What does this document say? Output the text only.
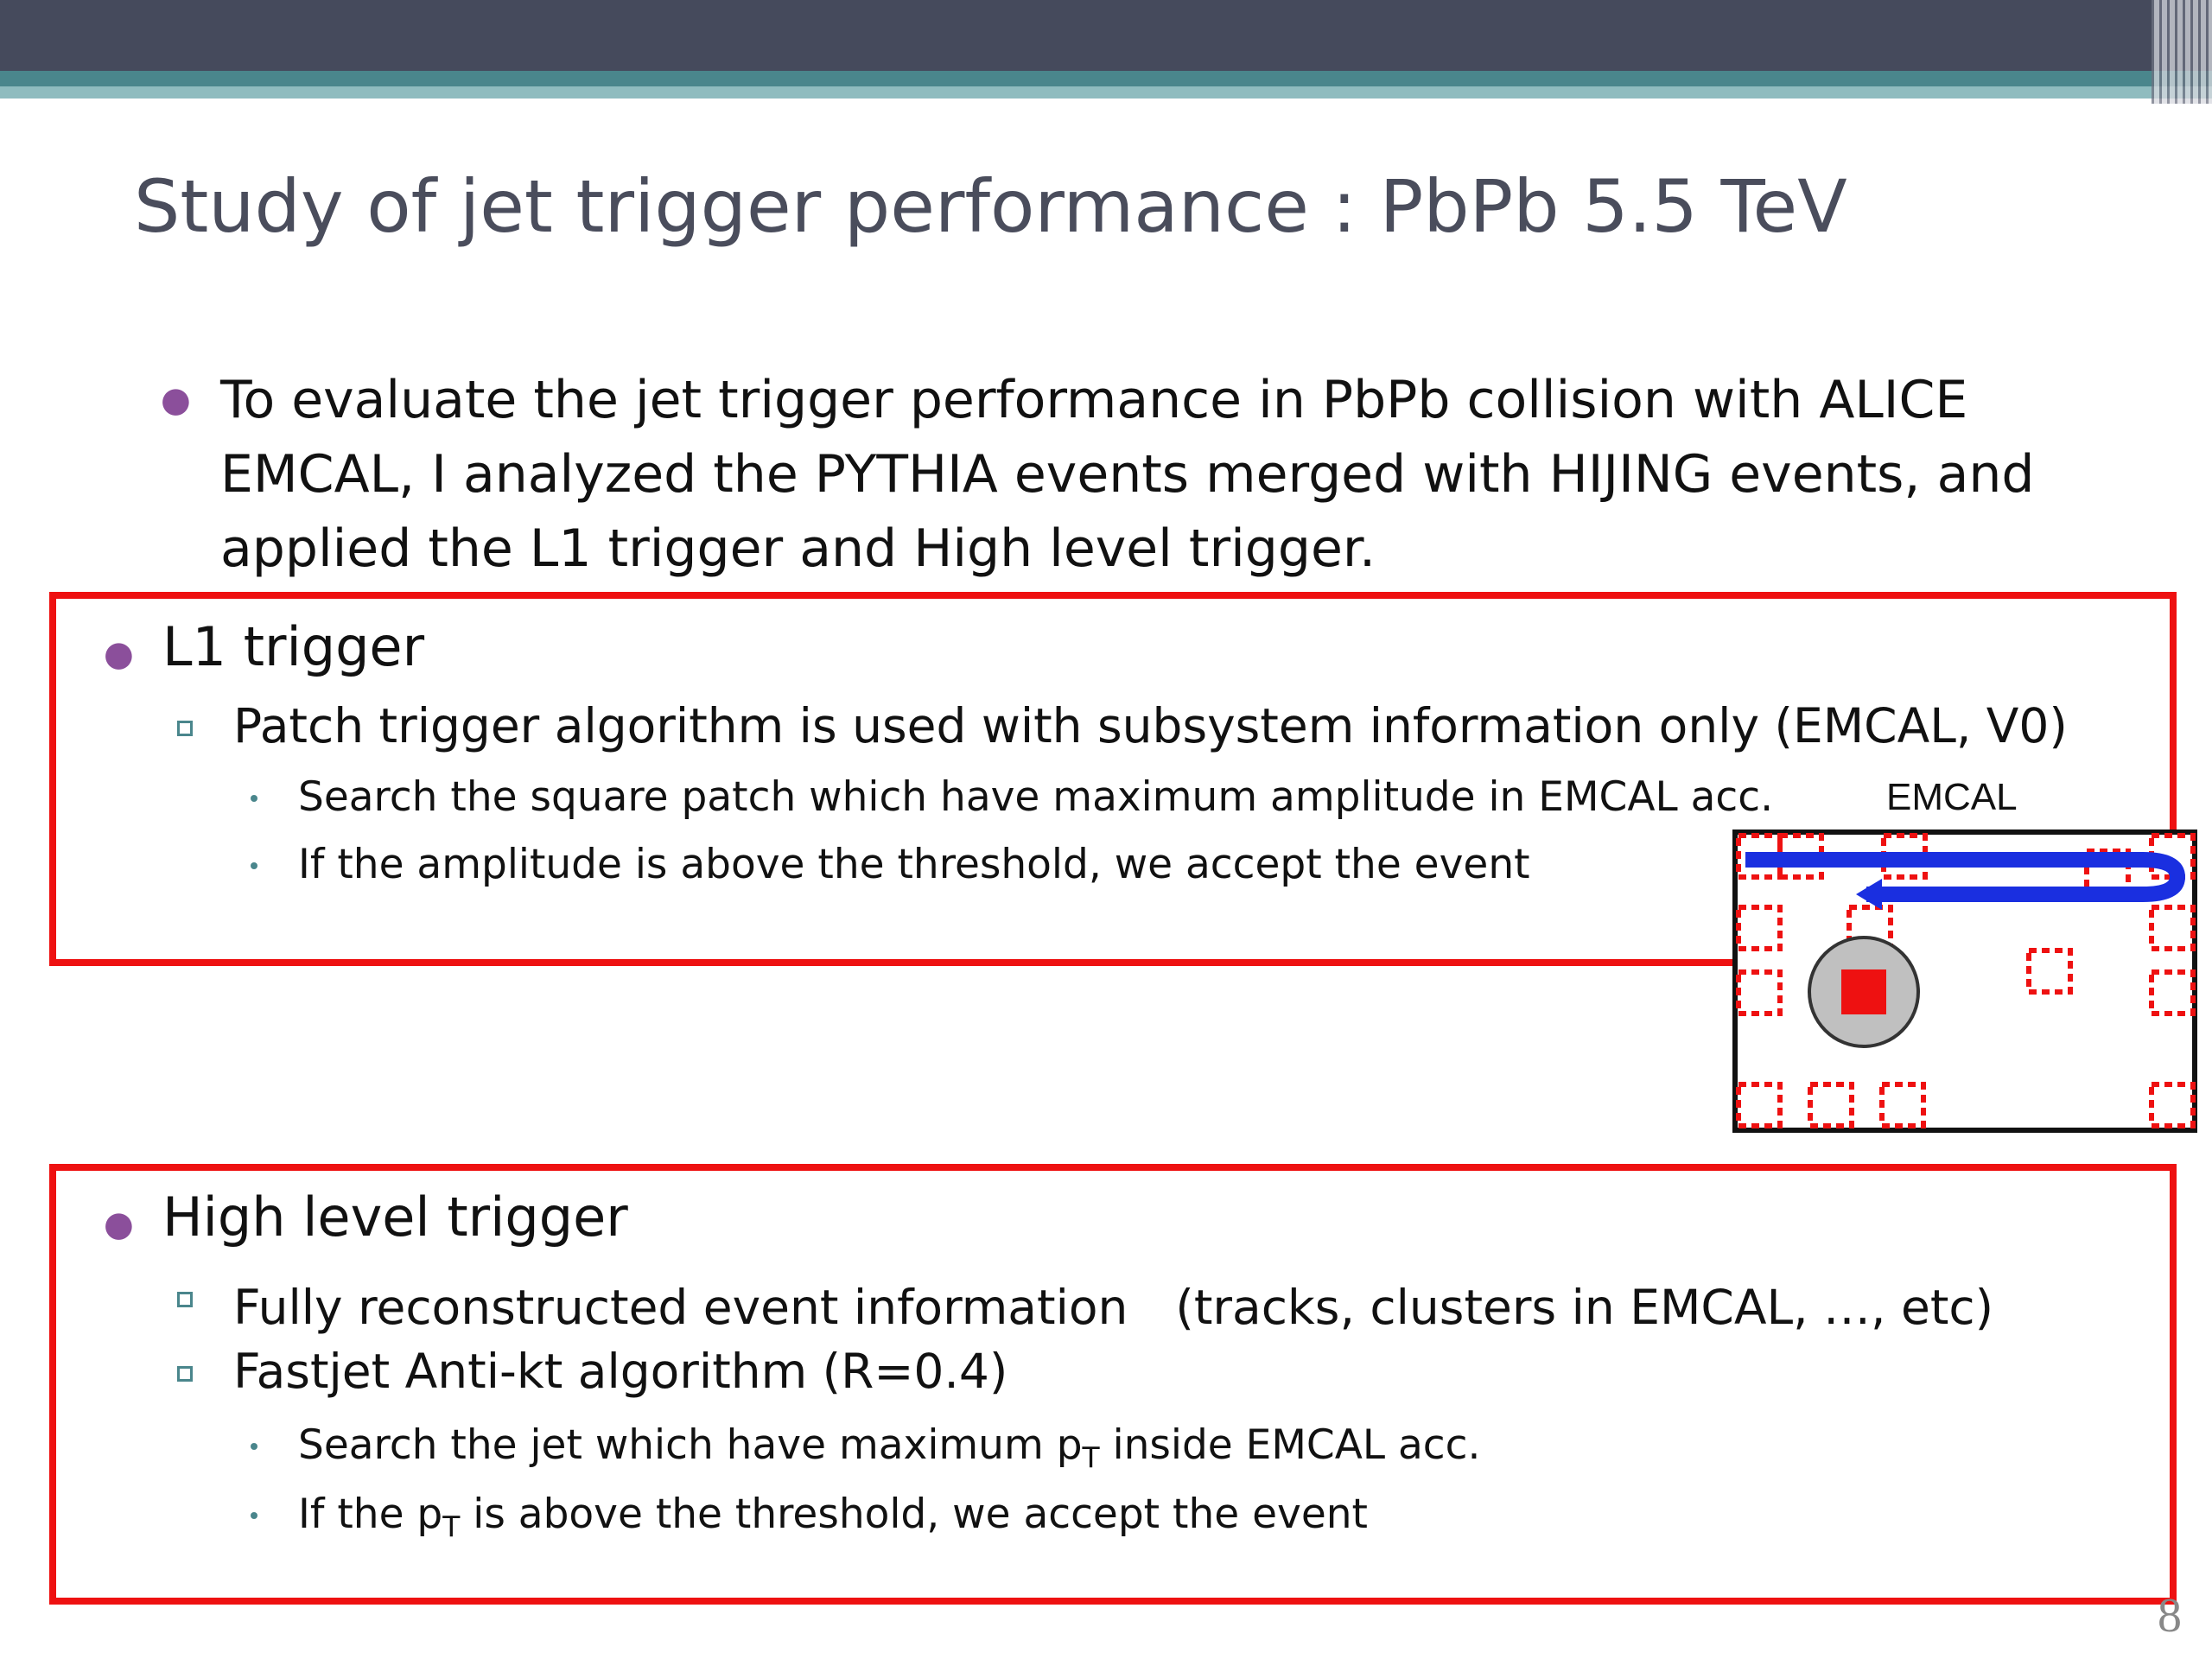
Study of jet trigger performance : PbPb 5.5 TeV
● To evaluate the jet trigger performance in PbPb collision with ALICE
EMCAL, I analyzed the PYTHIA events merged with HIJING events, and
applied the L1 trigger and High level trigger.
● L1 trigger
Patch trigger algorithm is used with subsystem information only (EMCAL, V0)
Search the square patch which have maximum amplitude in EMCAL acc.
If the amplitude is above the threshold, we accept the event
EMCAL
● High level trigger
Fully reconstructed event information　(tracks, clusters in EMCAL, …, etc)
Fastjet Anti-kt algorithm (R=0.4)
Search the jet which have maximum $p_T$ inside EMCAL acc.
If the $p_T$ is above the threshold, we accept the event
8
